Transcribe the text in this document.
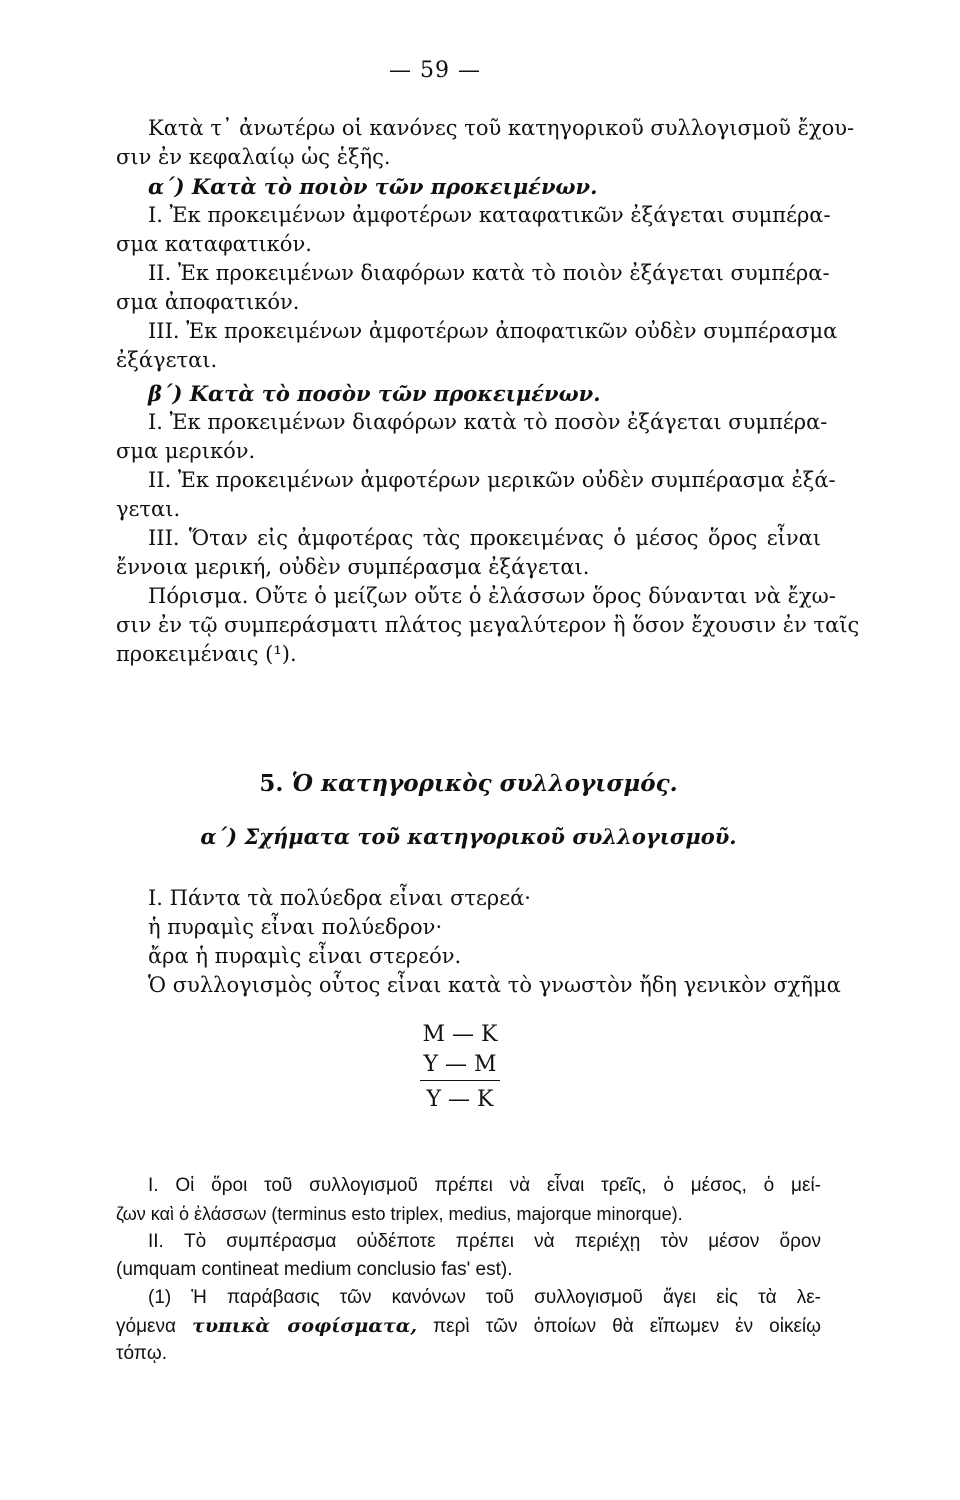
— 59 —
Κατὰ τ᾽ ἀνωτέρω οἱ κανόνες τοῦ κατηγορικοῦ συλλογισμοῦ ἔχου-
σιν ἐν κεφαλαίῳ ὡς ἑξῆς.
α΄) Κατὰ τὸ ποιὸν τῶν προκειμένων.
I. Ἐκ προκειμένων ἀμφοτέρων καταφατικῶν ἐξάγεται συμπέρα-
σμα καταφατικόν.
II. Ἐκ προκειμένων διαφόρων κατὰ τὸ ποιὸν ἐξάγεται συμπέρα-
σμα ἀποφατικόν.
III. Ἐκ προκειμένων ἀμφοτέρων ἀποφατικῶν οὐδὲν συμπέρασμα
ἐξάγεται.
β΄) Κατὰ τὸ ποσὸν τῶν προκειμένων.
I. Ἐκ προκειμένων διαφόρων κατὰ τὸ ποσὸν ἐξάγεται συμπέρα-
σμα μερικόν.
II. Ἐκ προκειμένων ἀμφοτέρων μερικῶν οὐδὲν συμπέρασμα ἐξά-
γεται.
III. Ὅταν εἰς ἀμφοτέρας τὰς προκειμένας ὁ μέσος ὅρος εἶναι
ἔννοια μερική, οὐδὲν συμπέρασμα ἐξάγεται.
Πόρισμα. Οὔτε ὁ μείζων οὔτε ὁ ἐλάσσων ὅρος δύνανται νὰ ἔχω-
σιν ἐν τῷ συμπεράσματι πλάτος μεγαλύτερον ἢ ὅσον ἔχουσιν ἐν ταῖς
προκειμέναις (¹).
5. Ὁ κατηγορικὸς συλλογισμός.
α΄) Σχήματα τοῦ κατηγορικοῦ συλλογισμοῦ.
I. Πάντα τὰ πολύεδρα εἶναι στερεά·
ἡ πυραμὶς εἶναι πολύεδρον·
ἄρα ἡ πυραμὶς εἶναι στερεόν.
Ὁ συλλογισμὸς οὗτος εἶναι κατὰ τὸ γνωστὸν ἤδη γενικὸν σχῆμα
Μ — Κ
Υ — Μ
Υ — Κ
I. Οἱ ὅροι τοῦ συλλογισμοῦ πρέπει νὰ εἶναι τρεῖς, ὁ μέσος, ὁ μεί-
ζων καὶ ὁ ἐλάσσων (terminus esto triplex, medius, majorque minorque).
II. Τὸ συμπέρασμα οὐδέποτε πρέπει νὰ περιέχῃ τὸν μέσον ὅρον
(umquam contineat medium conclusio fas' est).
(1) Ἡ παράβασις τῶν κανόνων τοῦ συλλογισμοῦ ἄγει εἰς τὰ λε-
γόμενα τυπικὰ σοφίσματα, περὶ τῶν ὁποίων θὰ εἴπωμεν ἐν οἰκείῳ
τόπῳ.
